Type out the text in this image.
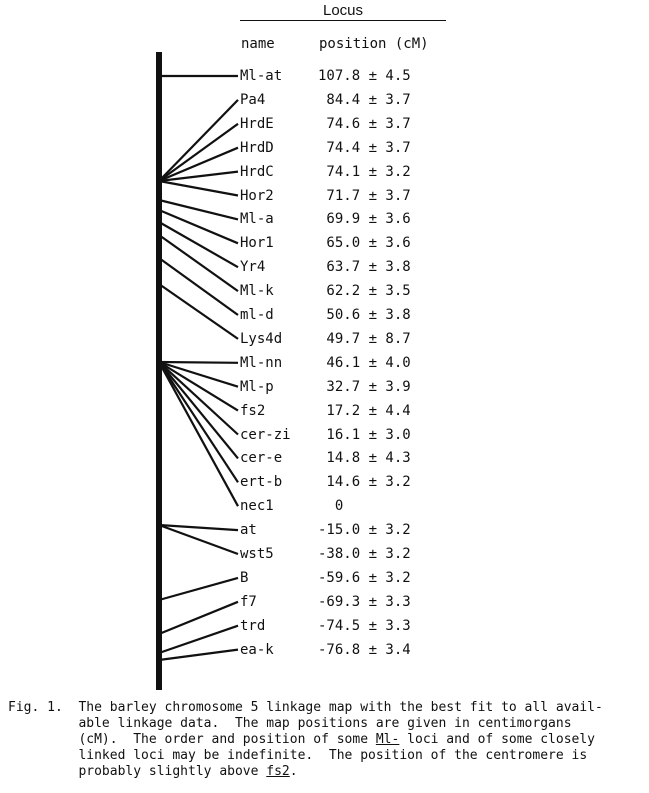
Locus
name	position (cM)
Ml-at	107.8 ± 4.5
Pa4	84.4 ± 3.7
HrdE	74.6 ± 3.7
HrdD	74.4 ± 3.7
HrdC	74.1 ± 3.2
Hor2	71.7 ± 3.7
Ml-a	69.9 ± 3.6
Hor1	65.0 ± 3.6
Yr4	63.7 ± 3.8
Ml-k	62.2 ± 3.5
ml-d	50.6 ± 3.8
Lys4d	49.7 ± 8.7
Ml-nn	46.1 ± 4.0
Ml-p	32.7 ± 3.9
fs2	17.2 ± 4.4
cer-zi 16.1 ± 3.0
cer-e	14.8 ± 4.3
ert-b	14.6 ± 3.2
nec1	0
at	-15.0 ± 3.2
wst5	-38.0 ± 3.2
B	-59.6 ± 3.2
f7	-69.3 ± 3.3
trd	-74.5 ± 3.3
ea-k	-76.8 ± 3.4
Fig. 1.  The barley chromosome 5 linkage map with the best fit to all avail-
able linkage data.  The map positions are given in centimorgans
(cM).  The order and position of some Ml- loci and of some closely
linked loci may be indefinite.  The position of the centromere is
probably slightly above fs2.
